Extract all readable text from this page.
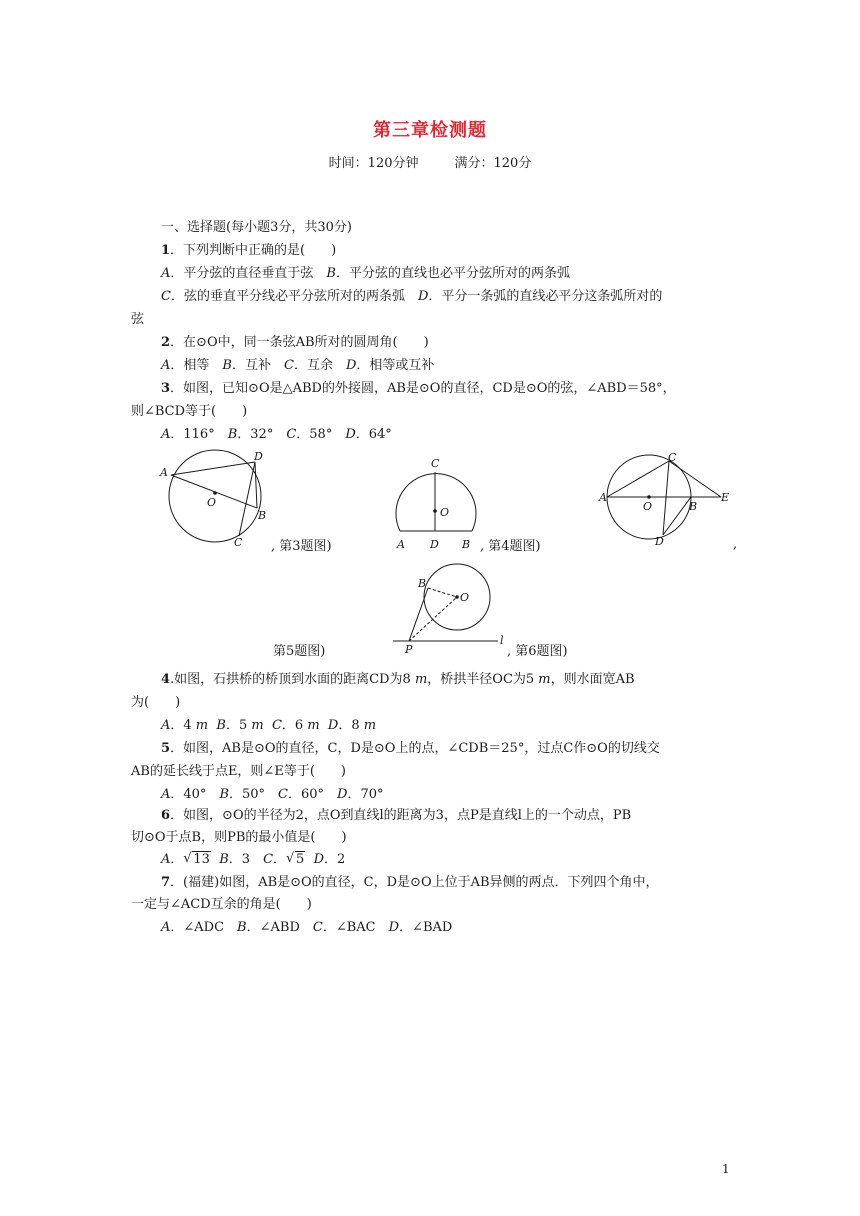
第三章检测题
时间：120分钟	满分：120分
一、选择题(每小题3分，共30分)
1．下列判断中正确的是(　　)
A．平分弦的直径垂直于弦　B．平分弦的直线也必平分弦所对的两条弧
C．弦的垂直平分线必平分弦所对的两条弧　D．平分一条弧的直线必平分这条弧所对的
弦
2．在⊙O中，同一条弦AB所对的圆周角(　　)
A．相等　B．互补　C．互余　D．相等或互补
3．如图，已知⊙O是△ABD的外接圆，AB是⊙O的直径，CD是⊙O的弦，∠ABD＝58°，
则∠BCD等于(　　)
A．116°　B．32°　C．58°　D．64°
A
D
O
B
C , 第3题图)
C
O
A D B , 第4题图)
A
C
O	B
E
D	,
B
O
P
l
第5题图)	, 第6题图)
4.如图，石拱桥的桥顶到水面的距离CD为8 m，桥拱半径OC为5 m，则水面宽AB
为(　　)
A．4 m B．5 m C．6 m D．8 m
5．如图，AB是⊙O的直径，C，D是⊙O上的点，∠CDB＝25°，过点C作⊙O的切线交
AB的延长线于点E，则∠E等于(　　)
A．40°　B．50°　C．60°　D．70°
6．如图，⊙O的半径为2，点O到直线l的距离为3，点P是直线l上的一个动点，PB
切⊙O于点B，则PB的最小值是(　　)
A． √ 13 B．3　C． √ 5 D．2
7．(福建)如图，AB是⊙O的直径，C，D是⊙O上位于AB异侧的两点．下列四个角中，
一定与∠ACD互余的角是(　　)
A．∠ADC　B．∠ABD　C．∠BAC　D．∠BAD
1
